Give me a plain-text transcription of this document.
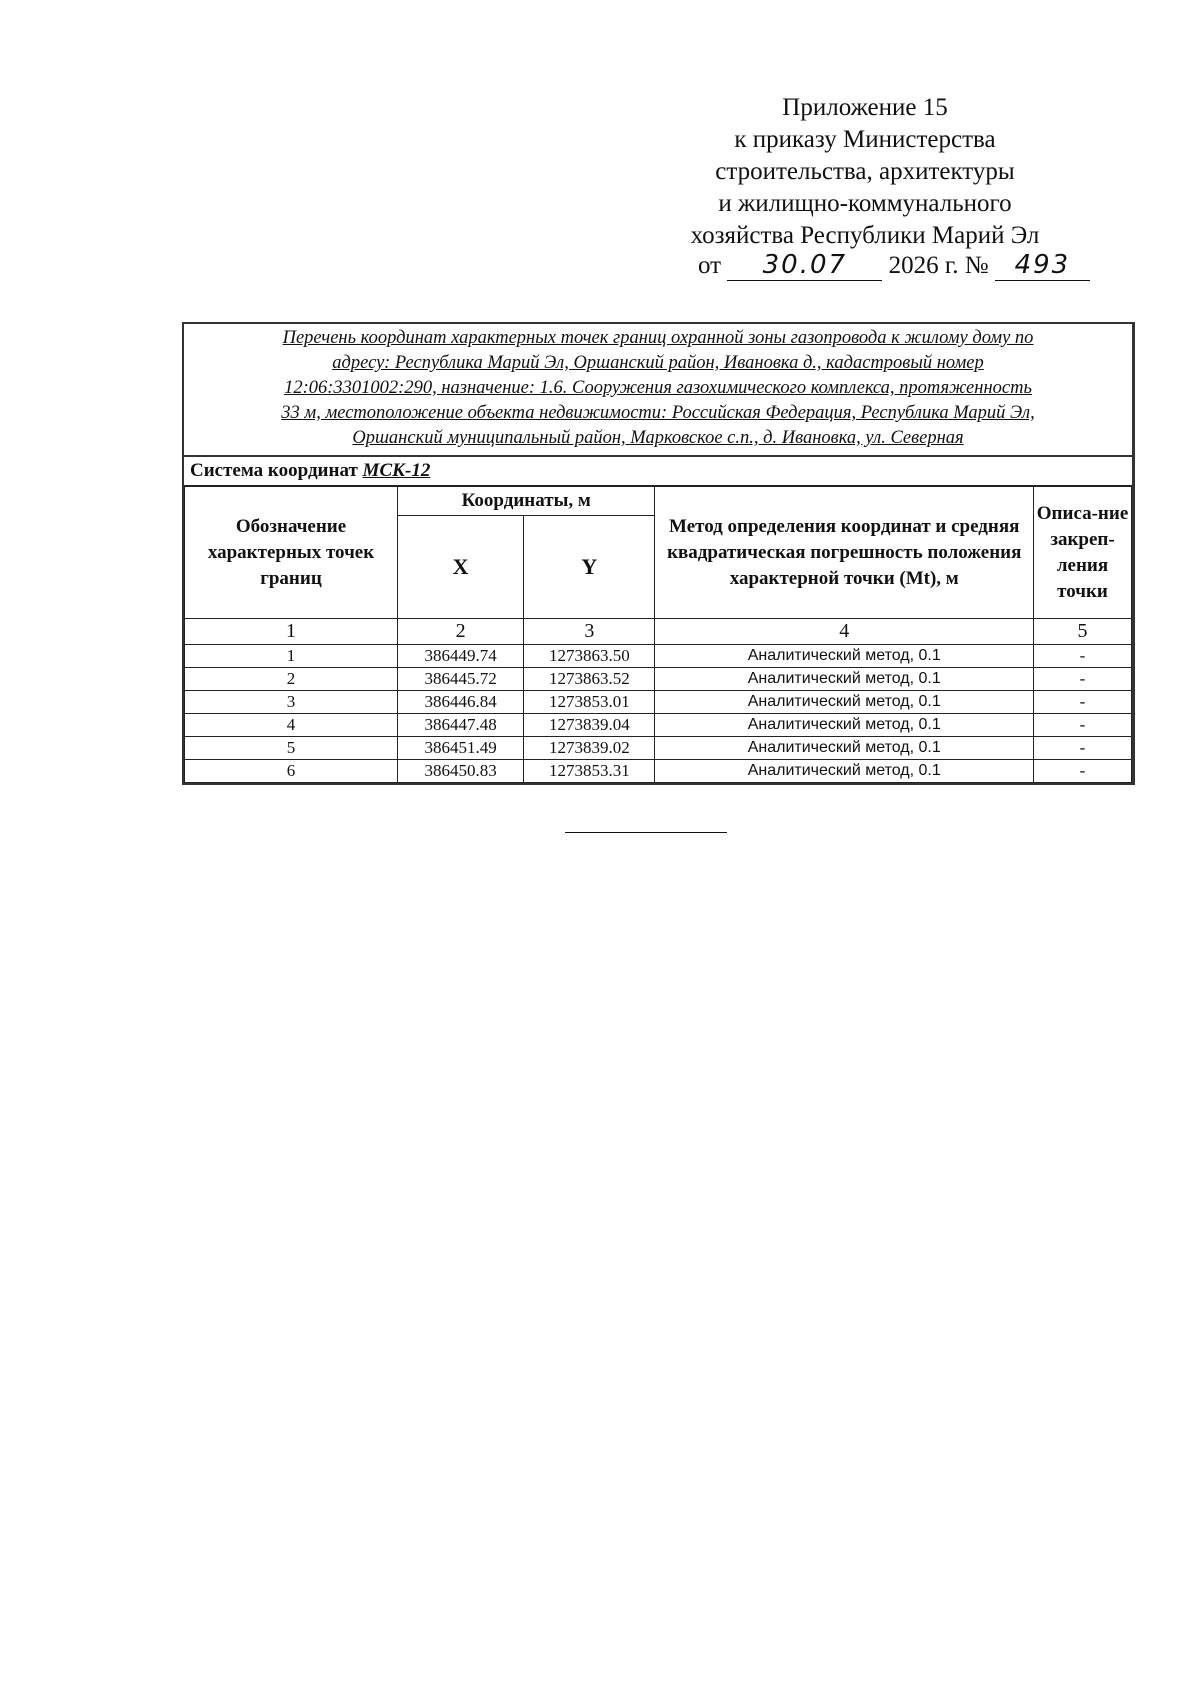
Приложение 15
к приказу Министерства
строительства, архитектуры
и жилищно-коммунального
хозяйства Республики Марий Эл
от 30.07 2026 г. № 493
Перечень координат характерных точек границ охранной зоны газопровода к жилому дому по
адресу: Республика Марий Эл, Оршанский район, Ивановка д., кадастровый номер
12:06:3301002:290, назначение: 1.6. Сооружения газохимического комплекса, протяженность
33 м, местоположение объекта недвижимости: Российская Федерация, Республика Марий Эл,
Оршанский муниципальный район, Марковское с.п., д. Ивановка, ул. Северная
Система координат МСК-12
Обозначение характерных точек границ	Координаты, м		Метод определения координат и средняя квадратическая погрешность положения характерной точки (Mt), м	Описа-ние закреп-ления точки
	X	Y		
1	2	3	4	5
1	386449.74	1273863.50	Аналитический метод, 0.1	-
2	386445.72	1273863.52	Аналитический метод, 0.1	-
3	386446.84	1273853.01	Аналитический метод, 0.1	-
4	386447.48	1273839.04	Аналитический метод, 0.1	-
5	386451.49	1273839.02	Аналитический метод, 0.1	-
6	386450.83	1273853.31	Аналитический метод, 0.1	-
